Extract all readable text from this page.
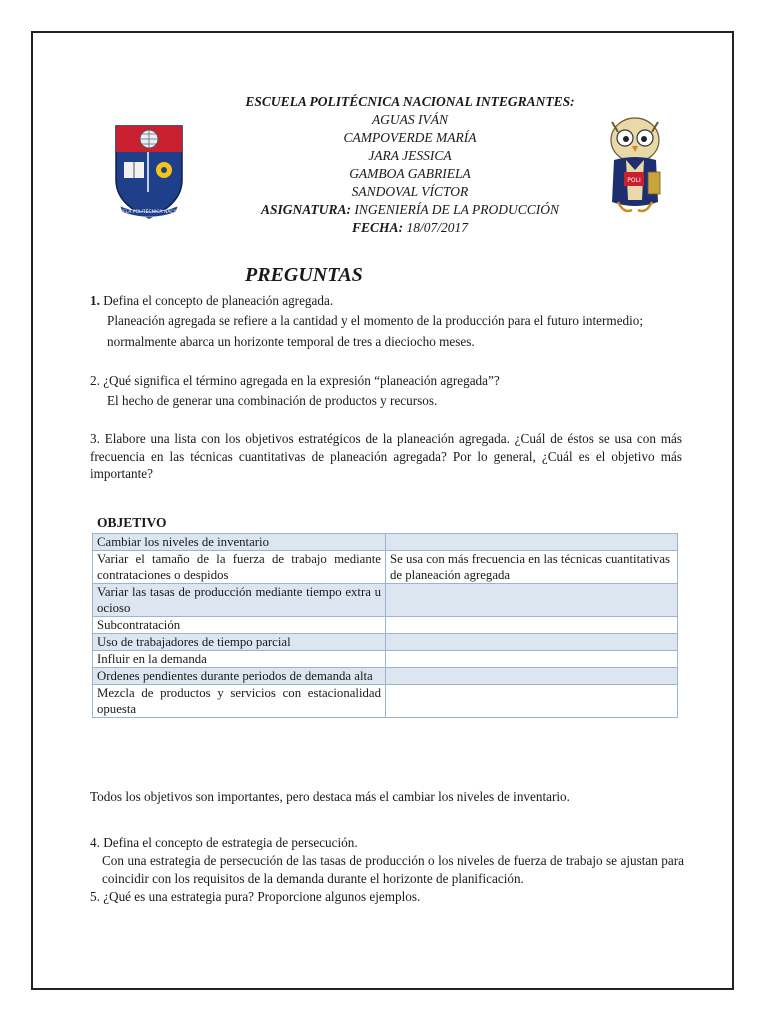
ESCUELA POLITÉCNICA NACIONAL
POLI
ESCUELA POLITÉCNICA NACIONAL INTEGRANTES:
AGUAS IVÁN
CAMPOVERDE MARÍA
JARA JESSICA
GAMBOA GABRIELA
SANDOVAL VÍCTOR
ASIGNATURA: INGENIERÍA DE LA PRODUCCIÓN
FECHA: 18/07/2017
PREGUNTAS
1. Defina el concepto de planeación agregada.
Planeación agregada se refiere a la cantidad y el momento de la producción para el futuro intermedio; normalmente abarca un horizonte temporal de tres a dieciocho meses.
2. ¿Qué significa el término agregada en la expresión “planeación agregada”?
El hecho de generar una combinación de productos y recursos.
3. Elabore una lista con los objetivos estratégicos de la planeación agregada. ¿Cuál de éstos se usa con más frecuencia en las técnicas cuantitativas de planeación agregada? Por lo general, ¿Cuál es el objetivo más importante?
OBJETIVO
Cambiar los niveles de inventario	
Variar el tamaño de la fuerza de trabajo mediante contrataciones o despidos	Se usa con más frecuencia en las técnicas cuantitativas de planeación agregada
Variar las tasas de producción mediante tiempo extra u ocioso	
Subcontratación	
Uso de trabajadores de tiempo parcial	
Influir en la demanda	
Ordenes pendientes durante periodos de demanda alta	
Mezcla de productos y servicios con estacionalidad opuesta	
Todos los objetivos son importantes, pero destaca más el cambiar los niveles de inventario.
4. Defina el concepto de estrategia de persecución.
Con una estrategia de persecución de las tasas de producción o los niveles de fuerza de trabajo se ajustan para coincidir con los requisitos de la demanda durante el horizonte de planificación.
5. ¿Qué es una estrategia pura? Proporcione algunos ejemplos.
